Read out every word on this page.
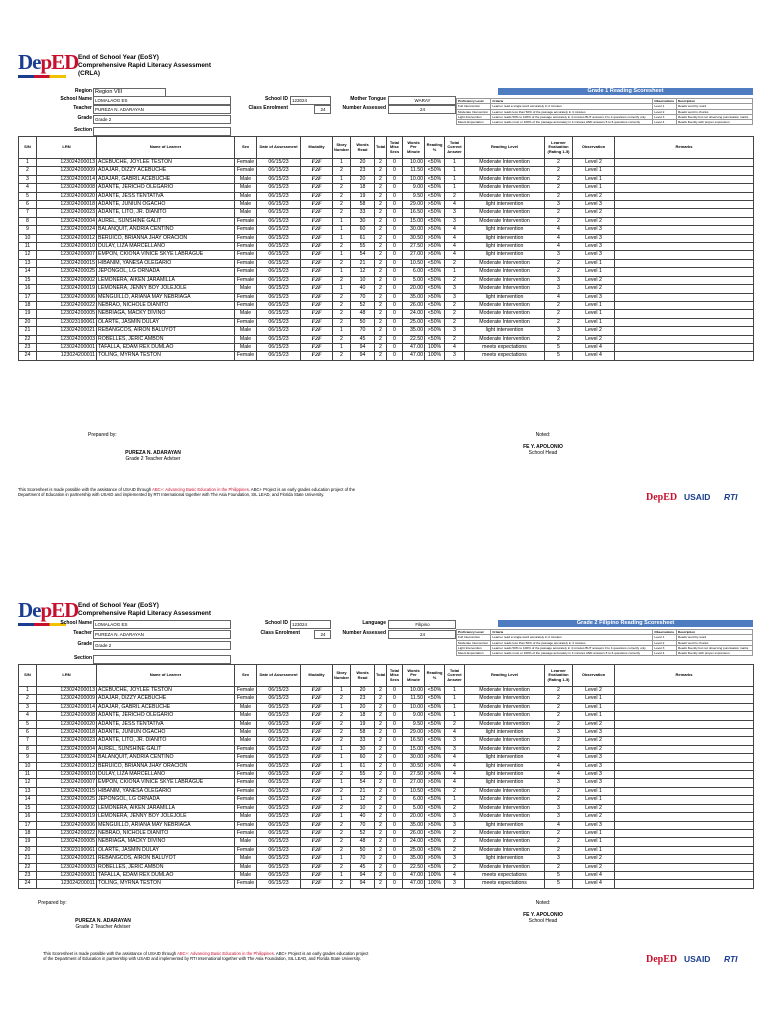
DepED End of School Year (EoSY)
Comprehensive Rapid Literacy Assessment
(CRLA)
Region Region VIII
School Name LOMALAOG ES
Teacher PUREZA N. ADARAYAN
Grade Grade 2
Section
School ID 123024
Class Enrolment	24
Mother Tongue	WARAY
Number Assessed	24
Grade 1 Reading Scoresheet
Proficiency Level	Criteria	Observations	Description
Full Intervention	Learner read a single word accurately in 2 minutes	Level 1	Reads word by word
Moderate Intervention	Learner reads less than 50% of the passage accurately in 4 minutes	Level 2	Reads word in chunks
Light Intervention	Learner reads 50% to 100% of the passage accurately in 4 minutes BUT answers 0 to 4 questions correctly only	Level 3	Reads fluently but not observing punctuation marks
Meets Expectation	Learner reads most or 100% of the passage accurately in 4 minutes AND answers 5 to 6 questions correctly	Level 4	Reads fluently with proper expression
S/N	LRN	Name of Learner	Sex	Date of Assessment	Modality	Story Number	Words Read	Total	Total Misc Secs	Words Per Minute	Reading %	Total Correct Answer	Reading Level	Learner Evaluation (Rating 1-5)	Observation	Remarks
1	123024200013	ACEBUCHE, JOYLEE TESTON	Female	06/15/23	F2F	1	20	2	0	10.00	<50%	1	Moderate Intervention	2	Level 2	
2	123024200009	ADAJAR, DIZZY ACEBUCHE	Female	06/15/23	F2F	2	23	2	0	11.50	<50%	1	Moderate Intervention	2	Level 1	
3	123024200014	ADAJAR, GABRIL ACEBUCHE	Male	06/15/23	F2F	1	20	2	0	10.00	<50%	1	Moderate Intervention	2	Level 1	
4	123024200008	ADANTE, JERICHO OLEGARIO	Male	06/15/23	F2F	2	18	2	0	9.00	<50%	1	Moderate Intervention	2	Level 1	
5	123024200020	ADANTE, JESS TENTATIVA	Male	06/15/23	F2F	2	19	2	0	9.50	<50%	2	Moderate Intervention	2	Level 2	
6	123024200018	ADANTE, JUNIUN OGACHO	Male	06/15/23	F2F	2	58	2	0	29.00	>50%	4	light intervention	3	Level 3	
7	123024200023	ADANTE, LITO, JR. DIANITO	Male	06/15/23	F2F	2	33	2	0	16.50	<50%	3	Moderate Intervention	2	Level 2	
8	123024200004	AUREL, SUNSHINE GALIT	Female	06/15/23	F2F	1	30	2	0	15.00	<50%	3	Moderate Intervention	2	Level 2	
9	123024200024	BALANQUIT, ANDRIA CENTINO	Female	06/15/23	F2F	1	60	2	0	30.00	>50%	4	light intervention	4	Level 3	
10	123024200012	BERUICO, BRIANNA JHAY ORACION	Female	06/15/23	F2F	1	61	2	0	30.50	>50%	4	light intervention	4	Level 3	
11	123024200010	DULAY, LIZA MARCELLANO	Female	06/15/23	F2F	2	55	2	0	27.50	>50%	4	light intervention	4	Level 3	
12	123024200007	EMPON, CKIONA VINICE SKYE LABRAGUE	Female	06/15/23	F2F	1	54	2	0	27.00	>50%	4	light intervention	3	Level 3	
13	123024200015	HIBANIM, YANESA OLEGARIO	Female	06/15/23	F2F	2	21	2	0	10.50	<50%	2	Moderate Intervention	2	Level 1	
14	123024200025	JEPONGOL, LG ORNADA	Female	06/15/23	F2F	1	12	2	0	6.00	<50%	1	Moderate Intervention	2	Level 1	
15	123024200002	LEMONERA, AIKEN JARAMILLA	Female	06/15/23	F2F	2	10	2	0	5.00	<50%	2	Moderate Intervention	3	Level 2	
16	123024200019	LEMONERA, JENNY BOY JOLEJOLE	Male	06/15/23	F2F	1	40	2	0	20.00	<50%	3	Moderate Intervention	3	Level 2	
17	123024200006	MENGUILLO, ARIANA MAY NEBRIAGA	Female	06/15/23	F2F	2	70	2	0	35.00	>50%	3	light intervention	4	Level 3	
18	123024200022	NEBRAO, NICHOLE DIANITO	Female	06/15/23	F2F	2	52	2	0	26.00	<50%	2	Moderate Intervention	2	Level 1	
19	123024200005	NEBRIAGA, MACKY DIVINO	Male	06/15/23	F2F	2	48	2	0	24.00	<50%	2	Moderate Intervention	2	Level 1	
20	123023190061	OLARTE, JASMIN DULAY	Female	06/15/23	F2F	2	50	2	0	25.00	<50%	2	Moderate Intervention	2	Level 1	
21	123024200021	REBANGCOS, AIRON BALUYOT	Male	06/15/23	F2F	1	70	2	0	35.00	>50%	3	light intervention	3	Level 2	
22	123024200003	ROBELLES, JERIC AMBON	Male	06/15/23	F2F	2	45	2	0	22.50	<50%	2	Moderate Intervention	2	Level 2	
23	123024200001	TAFALLA, EDAM REX DUMLAO	Male	06/15/23	F2F	1	94	2	0	47.00	100%	4	meets expectations	5	Level 4	
24	123024200011	TOLING, MYRNA TESTON	Female	06/15/23	F2F	2	94	2	0	47.00	100%	3	meets expectations	5	Level 4	
Prepared by:
PUREZA N. ADARAYAN
Grade 2 Teacher Adviser
Noted:
FE Y. APOLONIO
School Head
This Scoresheet is made possible with the assistance of USAID through ABC+: Advancing Basic Education in the Philippines. ABC+ Project is an early grades education project of the Department of Education in partnership with USAID and implemented by RTI International together with The Asia Foundation, SIL LEAD, and Florida State University.	DepED USAID RTI
DepED End of School Year (EoSY)
Comprehensive Rapid Literacy Assessment
School Name LOMALAOG ES
Teacher PUREZA N. ADARAYAN
Grade Grade 2
Section
School ID 123024
Class Enrolment	24
Language	Filipino
Number Assessed	24
Grade 2 Filipino Reading Scoresheet
Proficiency Level	Criteria	Observations	Description
Full Intervention	Learner read a single word accurately in 2 minutes	Level 1	Reads word by word
Moderate Intervention	Learner reads less than 50% of the passage accurately in 4 minutes	Level 2	Reads word in chunks
Light Intervention	Learner reads 50% to 100% of the passage accurately in 4 minutes BUT answers 0 to 4 questions correctly only	Level 3	Reads fluently but not observing punctuation marks
Meets Expectation	Learner reads most or 100% of the passage accurately in 4 minutes AND answers 5 to 6 questions correctly	Level 4	Reads fluently with proper expression
S/N	LRN	Name of Learner	Sex	Date of Assessment	Modality	Story Number	Words Read	Total	Total Misc Secs	Words Per Minute	Reading %	Total Correct Answer	Reading Level	Learner Evaluation (Rating 1-5)	Observation	Remarks
1	123024200013	ACEBUCHE, JOYLEE TESTON	Female	06/15/23	F2F	1	20	2	0	10.00	<50%	1	Moderate Intervention	2	Level 2	
2	123024200009	ADAJAR, DIZZY ACEBUCHE	Female	06/15/23	F2F	2	23	2	0	11.50	<50%	1	Moderate Intervention	2	Level 1	
3	123024200014	ADAJAR, GABRIL ACEBUCHE	Male	06/15/23	F2F	1	20	2	0	10.00	<50%	1	Moderate Intervention	2	Level 1	
4	123024200008	ADANTE, JERICHO OLEGARIO	Male	06/15/23	F2F	2	18	2	0	9.00	<50%	1	Moderate Intervention	2	Level 1	
5	123024200020	ADANTE, JESS TENTATIVA	Male	06/15/23	F2F	2	19	2	0	9.50	<50%	2	Moderate Intervention	2	Level 2	
6	123024200018	ADANTE, JUNIUN OGACHO	Male	06/15/23	F2F	2	58	2	0	29.00	>50%	4	light intervention	3	Level 3	
7	123024200023	ADANTE, LITO, JR. DIANITO	Male	06/15/23	F2F	2	33	2	0	16.50	<50%	3	Moderate Intervention	2	Level 2	
8	123024200004	AUREL, SUNSHINE GALIT	Female	06/15/23	F2F	1	30	2	0	15.00	<50%	3	Moderate Intervention	2	Level 2	
9	123024200024	BALANQUIT, ANDRIA CENTINO	Female	06/15/23	F2F	1	60	2	0	30.00	>50%	4	light intervention	4	Level 3	
10	123024200012	BERUICO, BRIANNA JHAY ORACION	Female	06/15/23	F2F	1	61	2	0	30.50	>50%	4	light intervention	4	Level 3	
11	123024200010	DULAY, LIZA MARCELLANO	Female	06/15/23	F2F	2	55	2	0	27.50	>50%	4	light intervention	4	Level 3	
12	123024200007	EMPON, CKIONA VINICE SKYE LABRAGUE	Female	06/15/23	F2F	1	54	2	0	27.00	>50%	4	light intervention	3	Level 3	
13	123024200015	HIBANIM, YANESA OLEGARIO	Female	06/15/23	F2F	2	21	2	0	10.50	<50%	2	Moderate Intervention	2	Level 1	
14	123024200025	JEPONGOL, LG ORNADA	Female	06/15/23	F2F	1	12	2	0	6.00	<50%	1	Moderate Intervention	2	Level 1	
15	123024200002	LEMONERA, AIKEN JARAMILLA	Female	06/15/23	F2F	2	10	2	0	5.00	<50%	2	Moderate Intervention	3	Level 2	
16	123024200019	LEMONERA, JENNY BOY JOLEJOLE	Male	06/15/23	F2F	1	40	2	0	20.00	<50%	3	Moderate Intervention	3	Level 2	
17	123024200006	MENGUILLO, ARIANA MAY NEBRIAGA	Female	06/15/23	F2F	2	70	2	0	35.00	>50%	3	light intervention	4	Level 3	
18	123024200022	NEBRAO, NICHOLE DIANITO	Female	06/15/23	F2F	2	52	2	0	26.00	<50%	2	Moderate Intervention	2	Level 1	
19	123024200005	NEBRIAGA, MACKY DIVINO	Male	06/15/23	F2F	2	48	2	0	24.00	<50%	2	Moderate Intervention	2	Level 1	
20	123023190061	OLARTE, JASMIN DULAY	Female	06/15/23	F2F	2	50	2	0	25.00	<50%	2	Moderate Intervention	2	Level 1	
21	123024200021	REBANGCOS, AIRON BALUYOT	Male	06/15/23	F2F	1	70	2	0	35.00	>50%	3	light intervention	3	Level 2	
22	123024200003	ROBELLES, JERIC AMBON	Male	06/15/23	F2F	2	45	2	0	22.50	<50%	2	Moderate Intervention	2	Level 2	
23	123024200001	TAFALLA, EDAM REX DUMLAO	Male	06/15/23	F2F	1	94	2	0	47.00	100%	4	meets expectations	5	Level 4	
24	123024200011	TOLING, MYRNA TESTON	Female	06/15/23	F2F	2	94	2	0	47.00	100%	3	meets expectations	5	Level 4	
Prepared by:
PUREZA N. ADARAYAN
Grade 2 Teacher Adviser
Noted:
FE Y. APOLONIO
School Head
This Scoresheet is made possible with the assistance of USAID through ABC+: Advancing Basic Education in the Philippines. ABC+ Project is an early grades education project of the Department of Education in partnership with USAID and implemented by RTI International together with The Asia Foundation, SIL LEAD, and Florida State University.	DepED USAID RTI
